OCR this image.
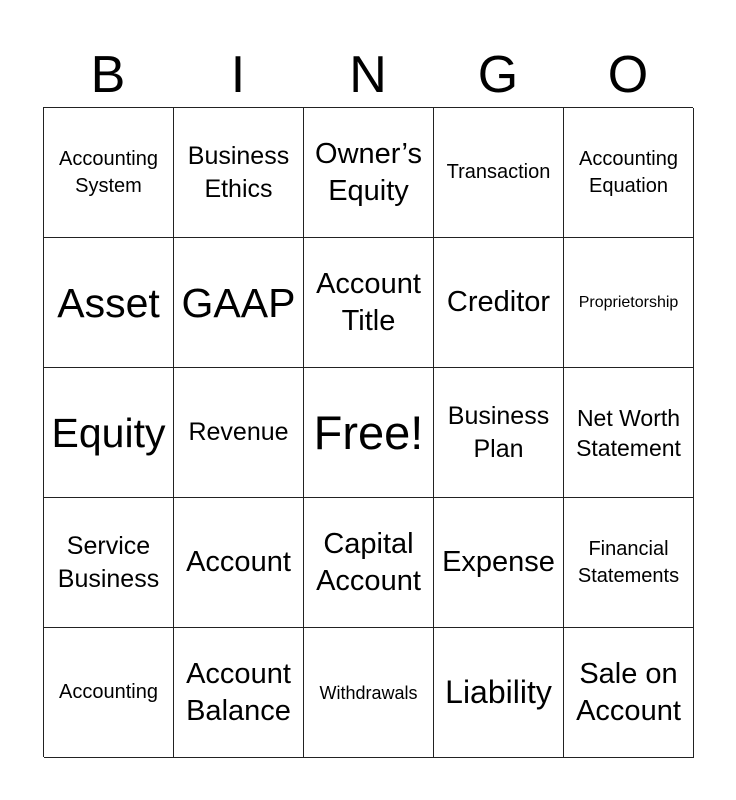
B	I	N	G	O
Accounting
System
Business
Ethics
Owner’s
Equity
Transaction
Accounting
Equation
Asset GAAP Account
Title
Creditor Proprietorship
Equity Revenue Free! Business
Plan
Net Worth
Statement
Service
Business
Account
Capital
Account
Expense	Financial
Statements
Accounting
Account
Balance
Withdrawals Liability
Sale on
Account
